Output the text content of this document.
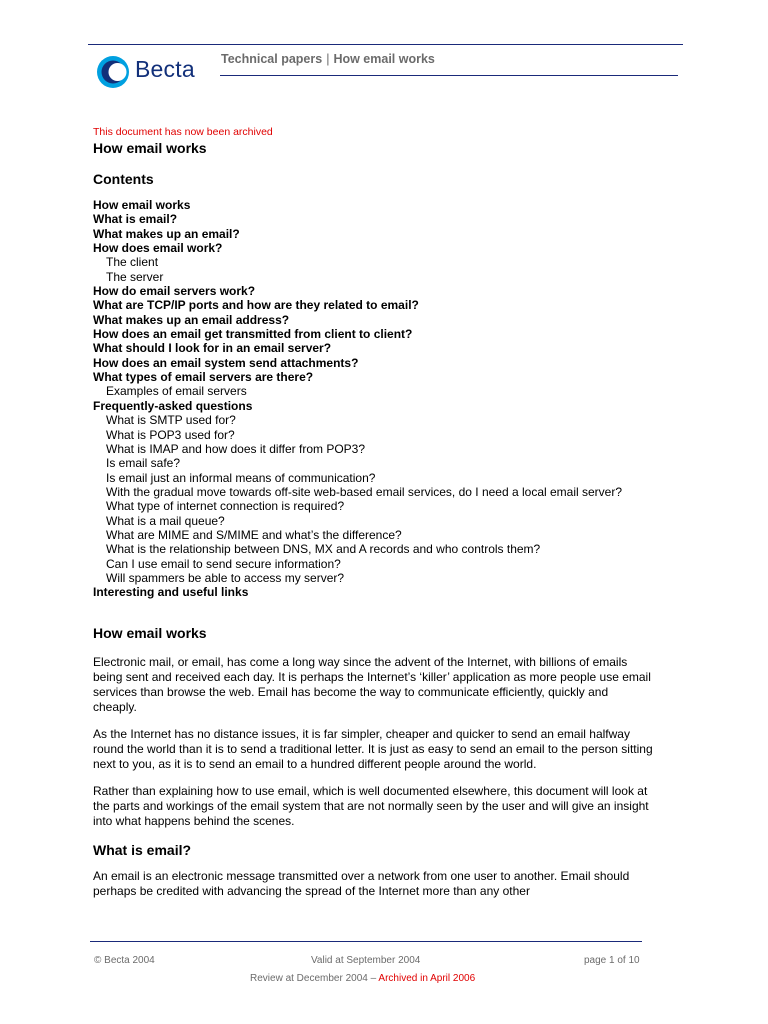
Becta Technical papers | How email works
This document has now been archived
How email works
Contents
How email works
What is email?
What makes up an email?
How does email work?
The client
The server
How do email servers work?
What are TCP/IP ports and how are they related to email?
What makes up an email address?
How does an email get transmitted from client to client?
What should I look for in an email server?
How does an email system send attachments?
What types of email servers are there?
Examples of email servers
Frequently-asked questions
What is SMTP used for?
What is POP3 used for?
What is IMAP and how does it differ from POP3?
Is email safe?
Is email just an informal means of communication?
With the gradual move towards off-site web-based email services, do I need a local email server?
What type of internet connection is required?
What is a mail queue?
What are MIME and S/MIME and what’s the difference?
What is the relationship between DNS, MX and A records and who controls them?
Can I use email to send secure information?
Will spammers be able to access my server?
Interesting and useful links
How email works
Electronic mail, or email, has come a long way since the advent of the Internet, with billions of emails being sent and received each day. It is perhaps the Internet’s ‘killer’ application as more people use email services than browse the web. Email has become the way to communicate efficiently, quickly and cheaply.
As the Internet has no distance issues, it is far simpler, cheaper and quicker to send an email halfway round the world than it is to send a traditional letter. It is just as easy to send an email to the person sitting next to you, as it is to send an email to a hundred different people around the world.
Rather than explaining how to use email, which is well documented elsewhere, this document will look at the parts and workings of the email system that are not normally seen by the user and will give an insight into what happens behind the scenes.
What is email?
An email is an electronic message transmitted over a network from one user to another. Email should perhaps be credited with advancing the spread of the Internet more than any other
© Becta 2004	Valid at September 2004	page 1 of 10
Review at December 2004 – Archived in April 2006
